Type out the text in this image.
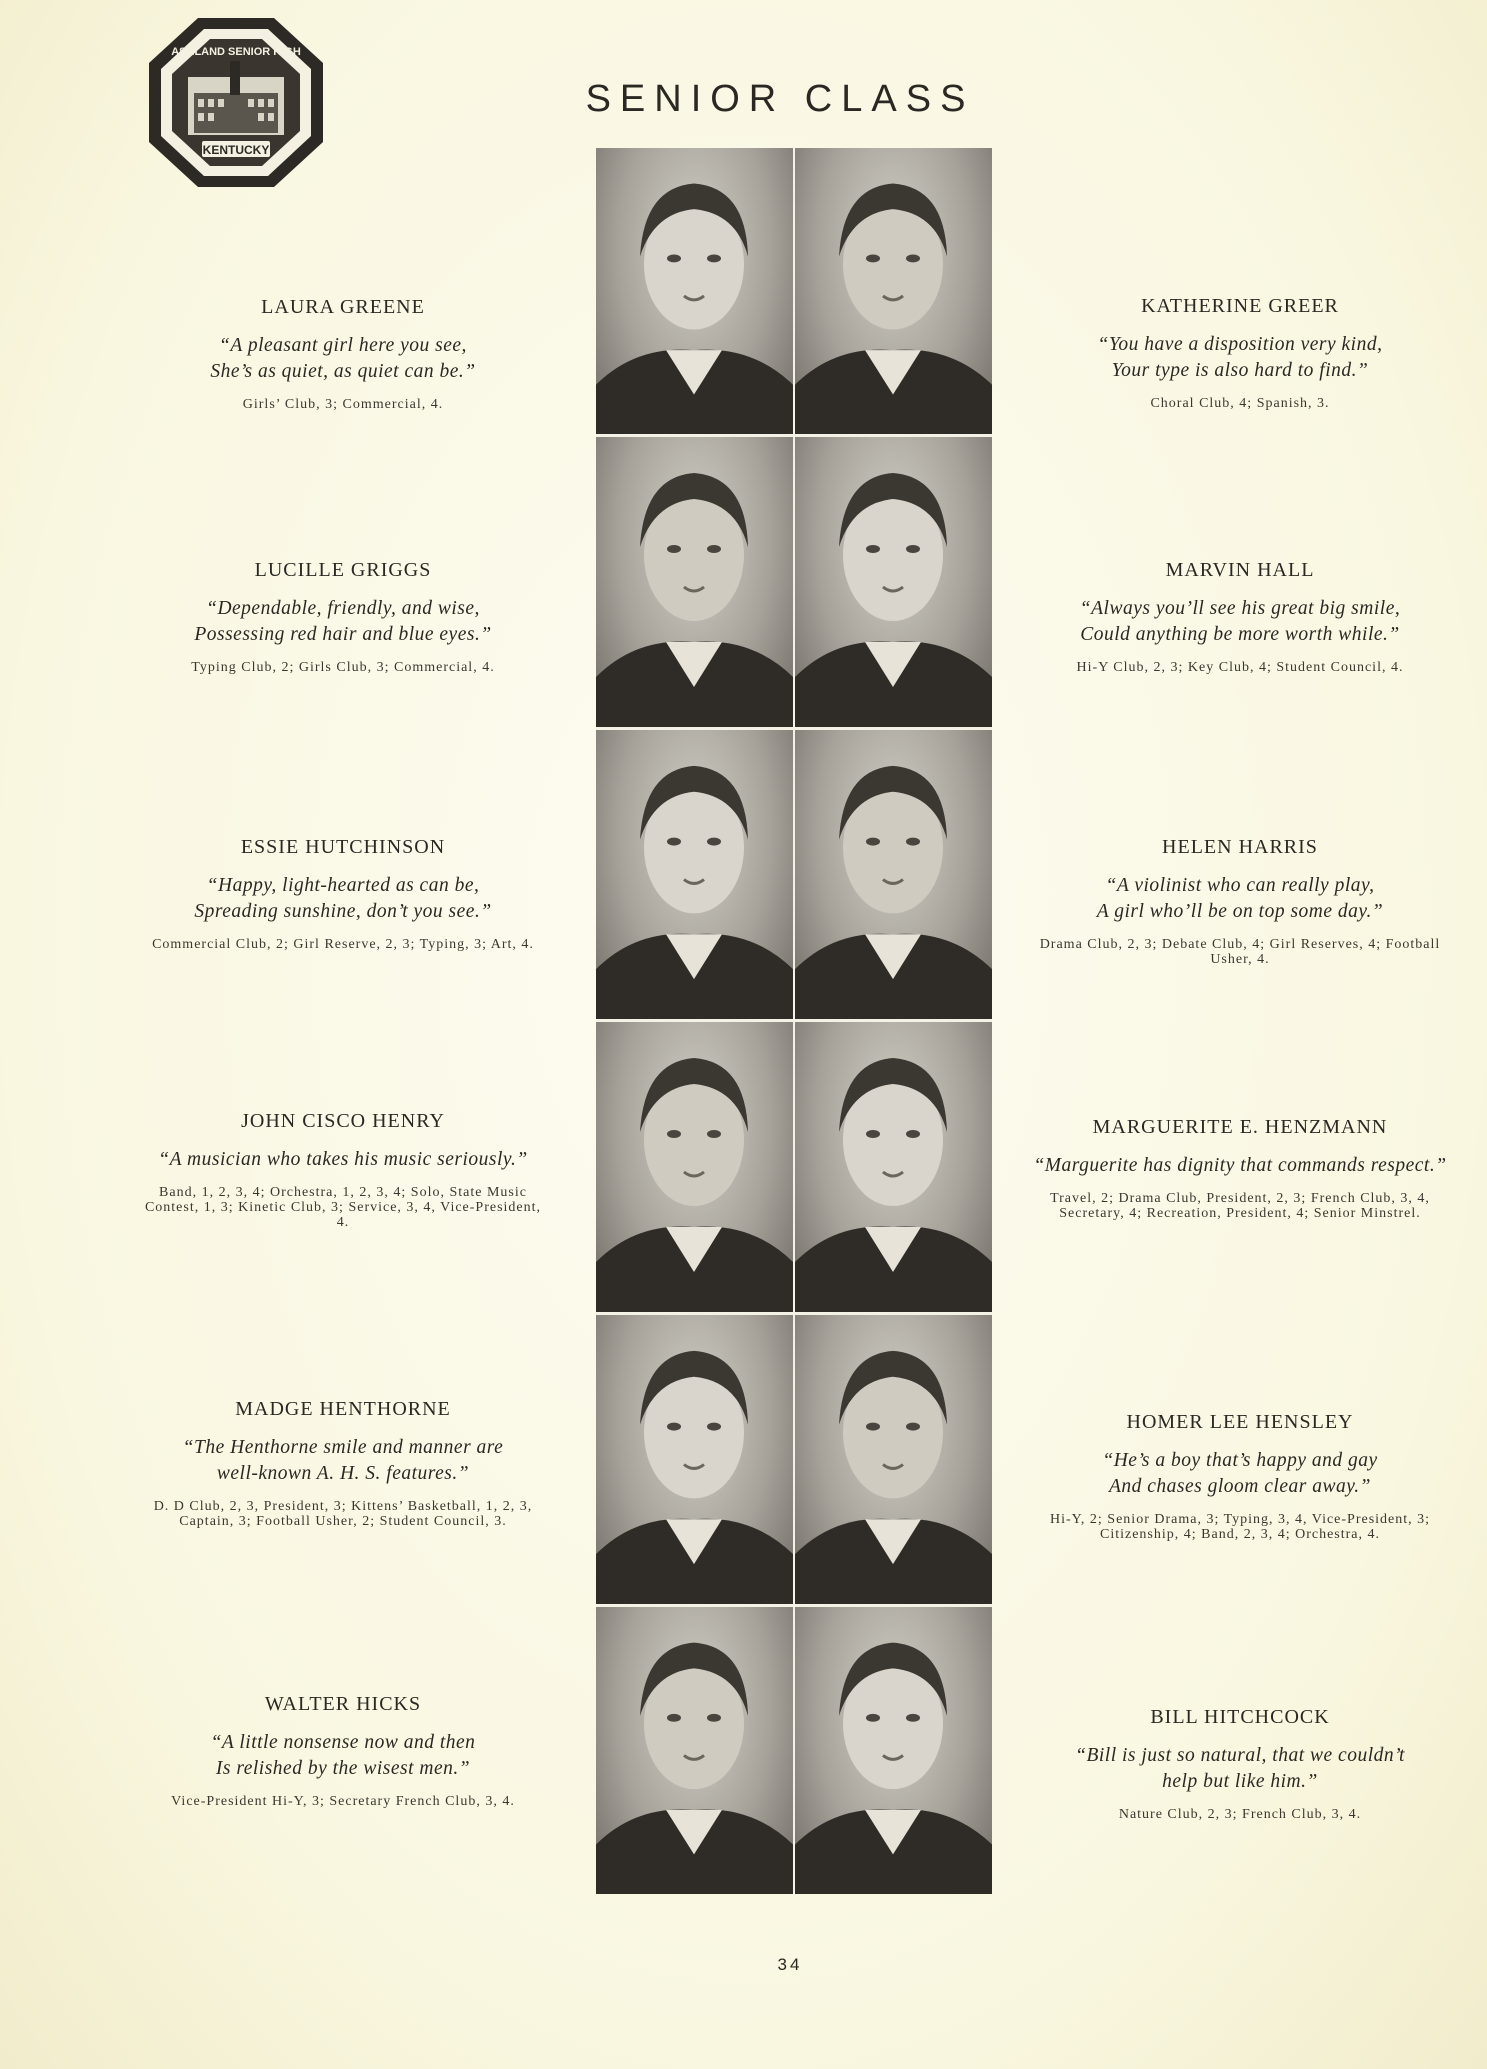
KENTUCKY
ASHLAND SENIOR HIGH
SENIOR CLASS
LAURA GREENE
“A pleasant girl here you see,
She’s as quiet, as quiet can be.”
Girls’ Club, 3; Commercial, 4.
LUCILLE GRIGGS
“Dependable, friendly, and wise,
Possessing red hair and blue eyes.”
Typing Club, 2; Girls Club, 3; Commercial, 4.
ESSIE HUTCHINSON
“Happy, light-hearted as can be,
Spreading sunshine, don’t you see.”
Commercial Club, 2; Girl Reserve, 2, 3; Typing, 3; Art, 4.
JOHN CISCO HENRY
“A musician who takes his music seriously.”
Band, 1, 2, 3, 4; Orchestra, 1, 2, 3, 4; Solo, State Music Contest, 1, 3; Kinetic Club, 3; Service, 3, 4, Vice-President, 4.
MADGE HENTHORNE
“The Henthorne smile and manner are
well-known A. H. S. features.”
D. D Club, 2, 3, President, 3; Kittens’ Basketball, 1, 2, 3, Captain, 3; Football Usher, 2; Student Council, 3.
WALTER HICKS
“A little nonsense now and then
Is relished by the wisest men.”
Vice-President Hi-Y, 3; Secretary French Club, 3, 4.
KATHERINE GREER
“You have a disposition very kind,
Your type is also hard to find.”
Choral Club, 4; Spanish, 3.
MARVIN HALL
“Always you’ll see his great big smile,
Could anything be more worth while.”
Hi-Y Club, 2, 3; Key Club, 4; Student Council, 4.
HELEN HARRIS
“A violinist who can really play,
A girl who’ll be on top some day.”
Drama Club, 2, 3; Debate Club, 4; Girl Reserves, 4; Football Usher, 4.
MARGUERITE E. HENZMANN
“Marguerite has dignity that commands respect.”
Travel, 2; Drama Club, President, 2, 3; French Club, 3, 4, Secretary, 4; Recreation, President, 4; Senior Minstrel.
HOMER LEE HENSLEY
“He’s a boy that’s happy and gay
And chases gloom clear away.”
Hi-Y, 2; Senior Drama, 3; Typing, 3, 4, Vice-President, 3; Citizenship, 4; Band, 2, 3, 4; Orchestra, 4.
BILL HITCHCOCK
“Bill is just so natural, that we couldn’t
help but like him.”
Nature Club, 2, 3; French Club, 3, 4.
34
